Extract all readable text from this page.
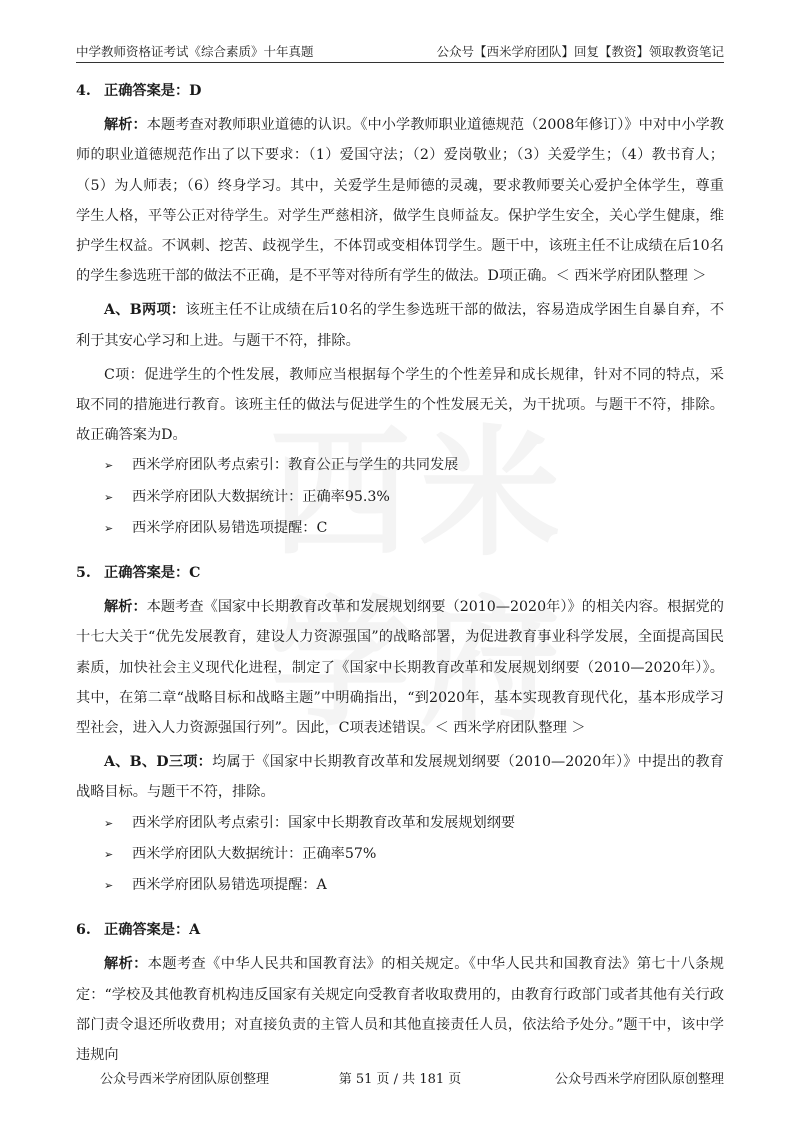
中学教师资格证考试《综合素质》十年真题	公众号【西米学府团队】回复【教资】领取教资笔记

4. 正确答案是：D

解析：本题考查对教师职业道德的认识。《中小学教师职业道德规范（2008年修订）》中对中小学教师的职业道德规范作出了以下要求：（1）爱国守法；（2）爱岗敬业；（3）关爱学生；（4）教书育人；（5）为人师表；（6）终身学习。其中，关爱学生是师德的灵魂，要求教师要关心爱护全体学生，尊重学生人格，平等公正对待学生。对学生严慈相济，做学生良师益友。保护学生安全，关心学生健康，维护学生权益。不讽刺、挖苦、歧视学生，不体罚或变相体罚学生。题干中，该班主任不让成绩在后10名的学生参选班干部的做法不正确，是不平等对待所有学生的做法。D项正确。＜ 西米学府团队整理 ＞

A、B两项：该班主任不让成绩在后10名的学生参选班干部的做法，容易造成学困生自暴自弃，不利于其安心学习和上进。与题干不符，排除。

C项：促进学生的个性发展，教师应当根据每个学生的个性差异和成长规律，针对不同的特点，采取不同的措施进行教育。该班主任的做法与促进学生的个性发展无关，为干扰项。与题干不符，排除。故正确答案为D。

➢ 西米学府团队考点索引：教育公正与学生的共同发展

➢ 西米学府团队大数据统计：正确率95.3%

➢ 西米学府团队易错选项提醒：C

5. 正确答案是：C

解析：本题考查《国家中长期教育改革和发展规划纲要（2010—2020年）》的相关内容。根据党的十七大关于“优先发展教育，建设人力资源强国”的战略部署，为促进教育事业科学发展，全面提高国民素质，加快社会主义现代化进程，制定了《国家中长期教育改革和发展规划纲要（2010—2020年）》。其中，在第二章“战略目标和战略主题”中明确指出，“到2020年，基本实现教育现代化，基本形成学习型社会，进入人力资源强国行列”。因此，C项表述错误。＜ 西米学府团队整理 ＞

A、B、D三项：均属于《国家中长期教育改革和发展规划纲要（2010—2020年）》中提出的教育战略目标。与题干不符，排除。

➢ 西米学府团队考点索引：国家中长期教育改革和发展规划纲要

➢ 西米学府团队大数据统计：正确率57%

➢ 西米学府团队易错选项提醒：A

6. 正确答案是：A

解析：本题考查《中华人民共和国教育法》的相关规定。《中华人民共和国教育法》第七十八条规定：“学校及其他教育机构违反国家有关规定向受教育者收取费用的，由教育行政部门或者其他有关行政部门责令退还所收费用；对直接负责的主管人员和其他直接责任人员，依法给予处分。”题干中，该中学违规向

公众号西米学府团队原创整理	第 51 页 / 共 181 页	公众号西米学府团队原创整理
